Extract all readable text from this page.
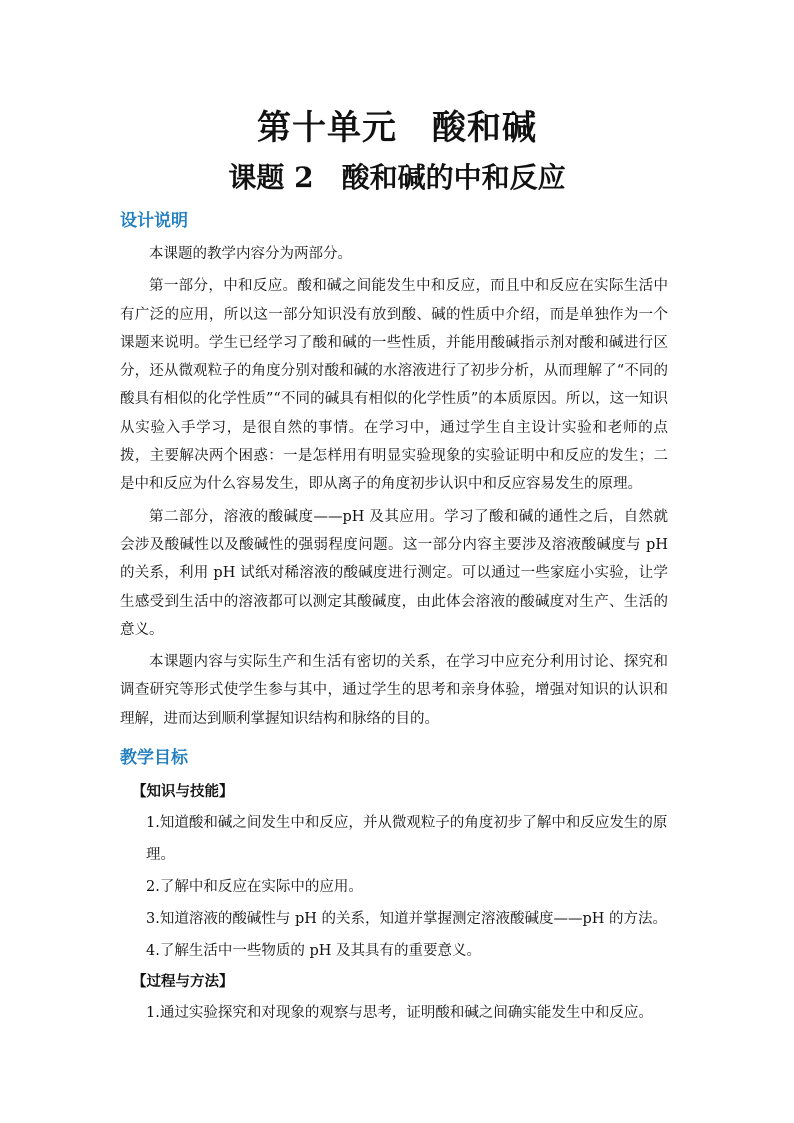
第十单元　酸和碱
课题 2　酸和碱的中和反应
设计说明

本课题的教学内容分为两部分。

第一部分，中和反应。酸和碱之间能发生中和反应，而且中和反应在实际生活中有广泛的应用，所以这一部分知识没有放到酸、碱的性质中介绍，而是单独作为一个课题来说明。学生已经学习了酸和碱的一些性质，并能用酸碱指示剂对酸和碱进行区分，还从微观粒子的角度分别对酸和碱的水溶液进行了初步分析，从而理解了“不同的酸具有相似的化学性质”“不同的碱具有相似的化学性质”的本质原因。所以，这一知识从实验入手学习，是很自然的事情。在学习中，通过学生自主设计实验和老师的点拨，主要解决两个困惑：一是怎样用有明显实验现象的实验证明中和反应的发生；二是中和反应为什么容易发生，即从离子的角度初步认识中和反应容易发生的原理。

第二部分，溶液的酸碱度——pH 及其应用。学习了酸和碱的通性之后，自然就会涉及酸碱性以及酸碱性的强弱程度问题。这一部分内容主要涉及溶液酸碱度与 pH 的关系，利用 pH 试纸对稀溶液的酸碱度进行测定。可以通过一些家庭小实验，让学生感受到生活中的溶液都可以测定其酸碱度，由此体会溶液的酸碱度对生产、生活的意义。

本课题内容与实际生产和生活有密切的关系，在学习中应充分利用讨论、探究和调查研究等形式使学生参与其中，通过学生的思考和亲身体验，增强对知识的认识和理解，进而达到顺利掌握知识结构和脉络的目的。

教学目标
【知识与技能】

1.知道酸和碱之间发生中和反应，并从微观粒子的角度初步了解中和反应发生的原理。

2.了解中和反应在实际中的应用。

3.知道溶液的酸碱性与 pH 的关系，知道并掌握测定溶液酸碱度——pH 的方法。

4.了解生活中一些物质的 pH 及其具有的重要意义。

【过程与方法】

1.通过实验探究和对现象的观察与思考，证明酸和碱之间确实能发生中和反应。
